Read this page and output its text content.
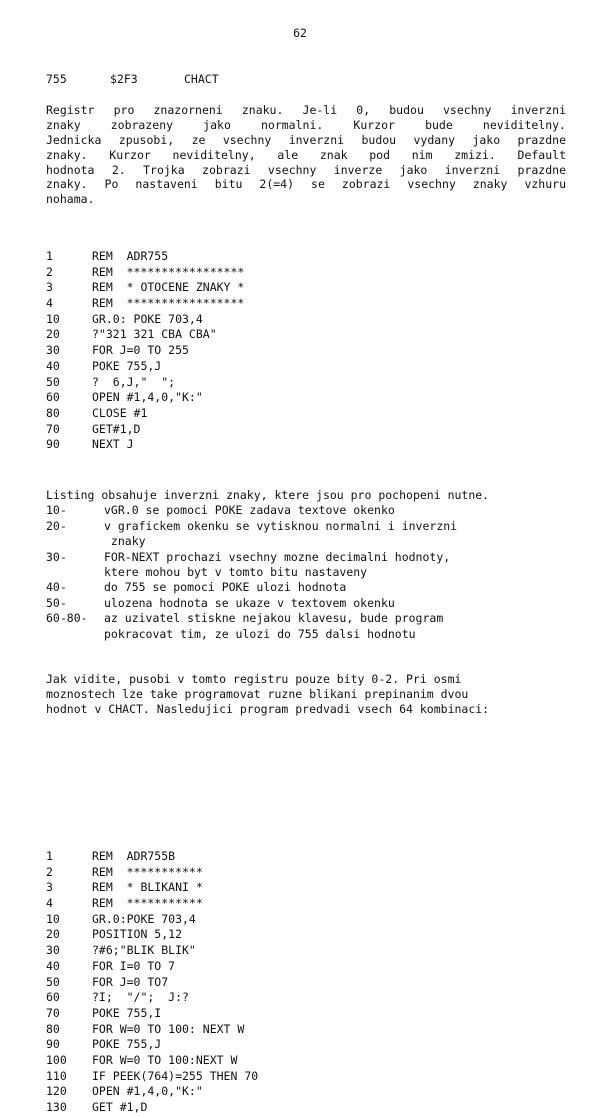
62
755	$2F3	CHACT
Registr pro znazorneni znaku. Je-li 0, budou vsechny inverzni
znaky zobrazeny jako normalni. Kurzor bude neviditelny.
Jednicka zpusobi, ze vsechny inverzni budou vydany jako prazdne
znaky. Kurzor neviditelny, ale znak pod nim zmizi. Default
hodnota 2. Trojka zobrazi vsechny inverze jako inverzni prazdne
znaky. Po nastaveni bitu 2(=4) se zobrazi vsechny znaky vzhuru
nohama.
1	REM  ADR755
2	REM  *****************
3	REM  * OTOCENE ZNAKY *
4	REM  *****************
10	GR.0: POKE 703,4
20	?"321 321 CBA CBA"
30	FOR J=0 TO 255
40	POKE 755,J
50	?  6,J,"  ";
60	OPEN #1,4,0,"K:"
80	CLOSE #1
70	GET#1,D
90	NEXT J
Listing obsahuje inverzni znaky, ktere jsou pro pochopeni nutne.
10-	vGR.0 se pomoci POKE zadava textove okenko
20-	v grafickem okenku se vytisknou normalni i inverzni
znaky
30-	FOR-NEXT prochazi vsechny mozne decimalni hodnoty,
ktere mohou byt v tomto bitu nastaveny
40-	do 755 se pomoci POKE ulozi hodnota
50-	ulozena hodnota se ukaze v textovem okenku
60-80- az uzivatel stiskne nejakou klavesu, bude program
pokracovat tim, ze ulozi do 755 dalsi hodnotu
Jak vidite, pusobi v tomto registru pouze bity 0-2. Pri osmi
moznostech lze take programovat ruzne blikani prepinanim dvou
hodnot v CHACT. Nasledujici program predvadi vsech 64 kombinaci:
1	REM  ADR755B
2	REM  ***********
3	REM  * BLIKANI *
4	REM  ***********
10	GR.0:POKE 703,4
20	POSITION 5,12
30	?#6;"BLIK BLIK"
40	FOR I=0 TO 7
50	FOR J=0 TO7
60	?I;  "/";  J:?
70	POKE 755,I
80	FOR W=0 TO 100: NEXT W
90	POKE 755,J
100 FOR W=0 TO 100:NEXT W
110 IF PEEK(764)=255 THEN 70
120 OPEN #1,4,0,"K:"
130 GET #1,D
